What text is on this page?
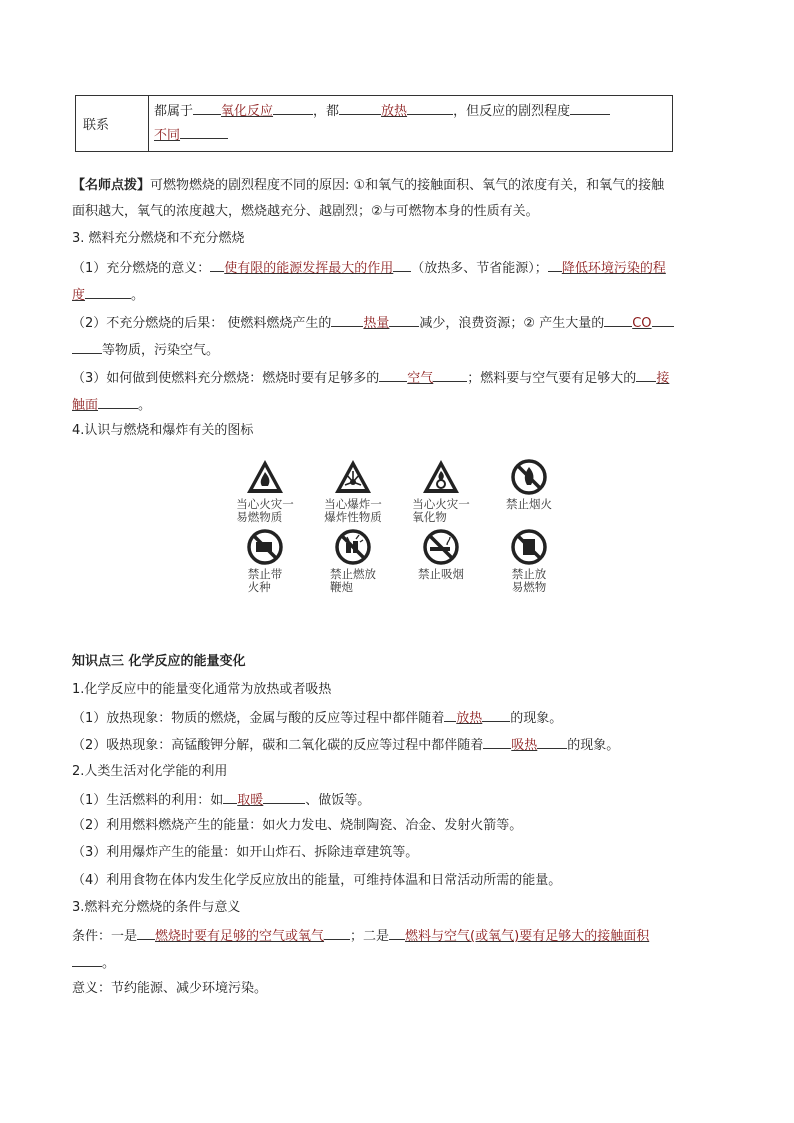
联系
都属于 氧化反应	，都	放热	，但反应的剧烈程度
不同
【名师点拨】可燃物燃烧的剧烈程度不同的原因: ①和氧气的接触面积、氧气的浓度有关，和氧气的接触
面积越大，氧气的浓度越大，燃烧越充分、越剧烈；②与可燃物本身的性质有关。
3. 燃料充分燃烧和不充分燃烧
（1）充分燃烧的意义： 使有限的能源发挥最大的作用 （放热多、节省能源）； 降低环境污染的程
度	。
（2）不充分燃烧的后果： 使燃料燃烧产生的 热量 减少，浪费资源；② 产生大量的 CO
等物质，污染空气。
（3）如何做到使燃料充分燃烧：燃烧时要有足够多的 空气	；燃料要与空气要有足够大的 接
触面	。
4.认识与燃烧和爆炸有关的图标
当心火灾一
易燃物质
当心爆炸一
爆炸性物质
当心火灾一
氧化物
禁止烟火
禁止带
火种
禁止燃放
鞭炮
禁止吸烟	禁止放
易燃物
知识点三 化学反应的能量变化
1.化学反应中的能量变化通常为放热或者吸热
（1）放热现象：物质的燃烧，金属与酸的反应等过程中都伴随着 放热 的现象。
（2）吸热现象：高锰酸钾分解，碳和二氧化碳的反应等过程中都伴随着 吸热 的现象。
2.人类生活对化学能的利用
（1）生活燃料的利用：如 取暖	、做饭等。
（2）利用燃料燃烧产生的能量：如火力发电、烧制陶瓷、冶金、发射火箭等。
（3）利用爆炸产生的能量：如开山炸石、拆除违章建筑等。
（4）利用食物在体内发生化学反应放出的能量，可维持体温和日常活动所需的能量。
3.燃料充分燃烧的条件与意义
条件：一是 燃烧时要有足够的空气或氧气 ；二是 燃料与空气(或氧气)要有足够大的接触面积
。
意义：节约能源、减少环境污染。
